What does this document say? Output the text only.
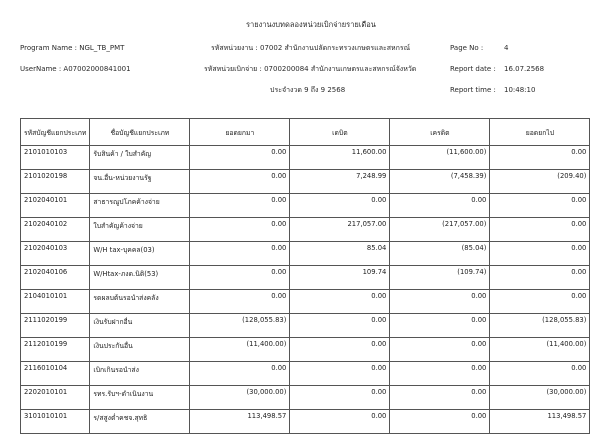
รายงานงบทดลองหน่วยเบิกจ่ายรายเดือน
Program Name : NGL_TB_PMT	รหัสหน่วยงาน : 07002 สำนักงานปลัดกระทรวงเกษตรและสหกรณ์	Page No :	4
UserName : A07002000841001	รหัสหน่วยเบิกจ่าย : 0700200084 สำนักงานเกษตรและสหกรณ์จังหวัด	Report date : 16.07.2568
ประจำงวด 9 ถึง 9 2568	Report time : 10:48:10
รหัสบัญชีแยกประเภท		ชื่อบัญชีแยกประเภท	ยอดยกมา	เดบิต	เครดิต	ยอดยกไป
2101010103		รับสินค้า / ใบสำคัญ	0.00	11,600.00	(11,600.00)	0.00
2101020198		จน.อื่น-หน่วยงานรัฐ	0.00	7,248.99	(7,458.39)	(209.40)
2102040101		สาธารณูปโภคค้างจ่าย	0.00	0.00	0.00	0.00
2102040102		ใบสำคัญค้างจ่าย	0.00	217,057.00	(217,057.00)	0.00
2102040103		W/H tax-บุคคล(03)	0.00	85.04	(85.04)	0.00
2102040106		W/Htax-ภงด.นิติ(53)	0.00	109.74	(109.74)	0.00
2104010101		รดผลบต้นรอนำส่งคลัง	0.00	0.00	0.00	0.00
2111020199		เงินรับฝากอื่น	(128,055.83)	0.00	0.00	(128,055.83)
2112010199		เงินประกันอื่น	(11,400.00)	0.00	0.00	(11,400.00)
2116010104		เบิกเกินรอนำส่ง	0.00	0.00	0.00	0.00
2202010101		รทร.รับฯ-ดำเนินงาน	(30,000.00)	0.00	0.00	(30,000.00)
3101010101		ร/สสูงต่ำคชจ.สุทธิ	113,498.57	0.00	0.00	113,498.57
